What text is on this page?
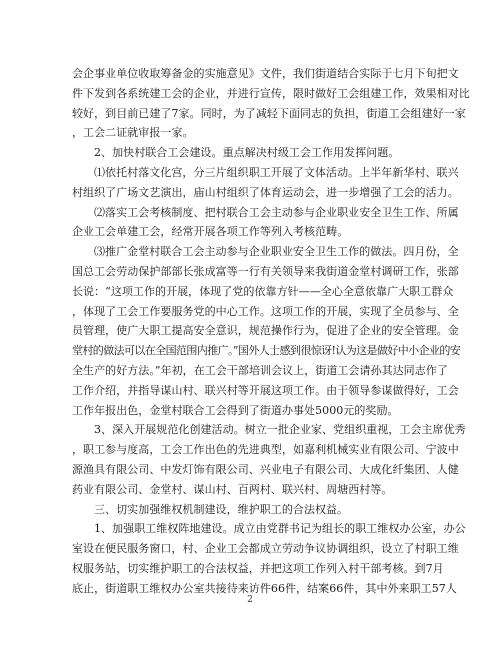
会企事业单位收取筹备金的实施意见》文件，我们街道结合实际于七月下旬把文
件下发到各系统建工会的企业，并进行宣传，限时做好工会组建工作，效果相对比
较好，到目前已建了7家。同时，为了减轻下面同志的负担，街道工会组建好一家
，工会二证就审报一家。
2、加快村联合工会建设。重点解决村级工会工作用发挥问题。
⑴依托村落文化宫，分三片组织职工开展了文体活动。上半年新华村、联兴
村组织了广场文艺演出，庙山村组织了体育运动会，进一步增强了工会的活力。
⑵落实工会考核制度、把村联合工会主动参与企业职业安全卫生工作、所属
企业工会单建工会，经常开展各项工作等列入考核范畴。
⑶推广金堂村联合工会主动参与企业职业安全卫生工作的做法。四月份，全
国总工会劳动保护部部长张成富等一行有关领导来我街道金堂村调研工作，张部
长说：“这项工作的开展，体现了党的依靠方针——全心全意依靠广大职工群众
，体现了工会工作要服务党的中心工作。这项工作的开展，实现了全员参与、全
员管理，使广大职工提高安全意识，规范操作行为，促进了企业的安全管理。金
堂村的做法可以在全国范围内推广。”国外人士感到很惊讶!认为这是做好中小企业的安
全生产的好方法。”年初，在工会干部培训会议上，街道工会请孙其达同志作了
工作介绍，并指导谋山村、联兴村等开展这项工作。由于领导参谋做得好，工会
工作年报出色，金堂村联合工会得到了街道办事处5000元的奖励。
3、深入开展规范化创建活动。树立一批企业家、党组织重视，工会主席优秀
，职工参与度高，工会工作出色的先进典型，如嘉利机械实业有限公司、宁波中
源渔具有限公司、中发灯饰有限公司、兴业电子有限公司、大成化纤集团、人健
药业有限公司、金堂村、谋山村、百两村、联兴村、周塘西村等。
三、切实加强维权机制建设，维护职工的合法权益。
1、加强职工维权阵地建设。成立由党群书记为组长的职工维权办公室，办公
室设在便民服务窗口，村、企业工会都成立劳动争议协调组织，设立了村职工维
权服务站，切实维护职工的合法权益，并把这项工作列入村干部考核。到7月
底止，街道职工维权办公室共接待来访件66件，结案66件，其中外来职工57人
2
